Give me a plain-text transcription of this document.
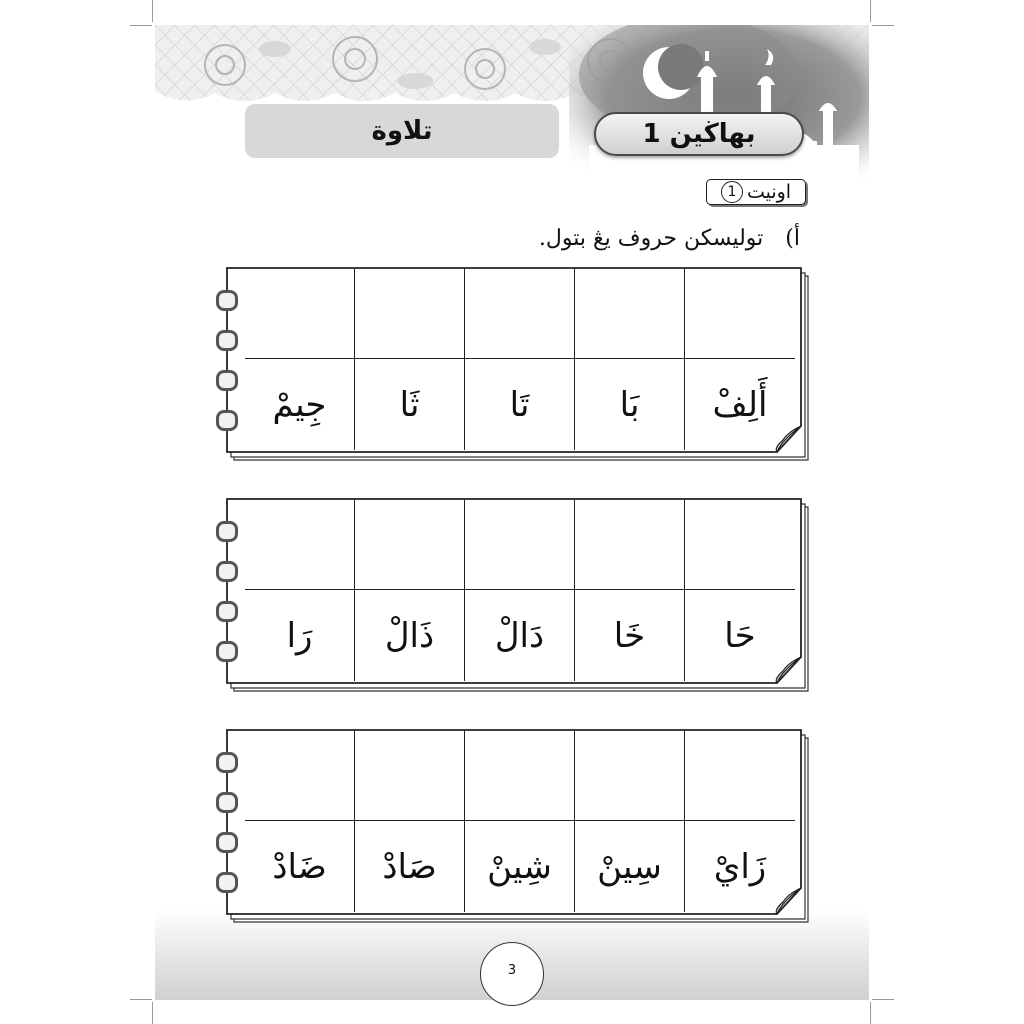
تلاوة	بهاڬين 1
اونيت
1
أ)
توليسكن حروف يڠ بتول.
جِيمْ ثَا	تَا	بَا أَلِفْ
رَا ذَالْ دَالْ خَا حَا
ضَادْ صَادْ شِينْ سِينْ زَايْ
3
